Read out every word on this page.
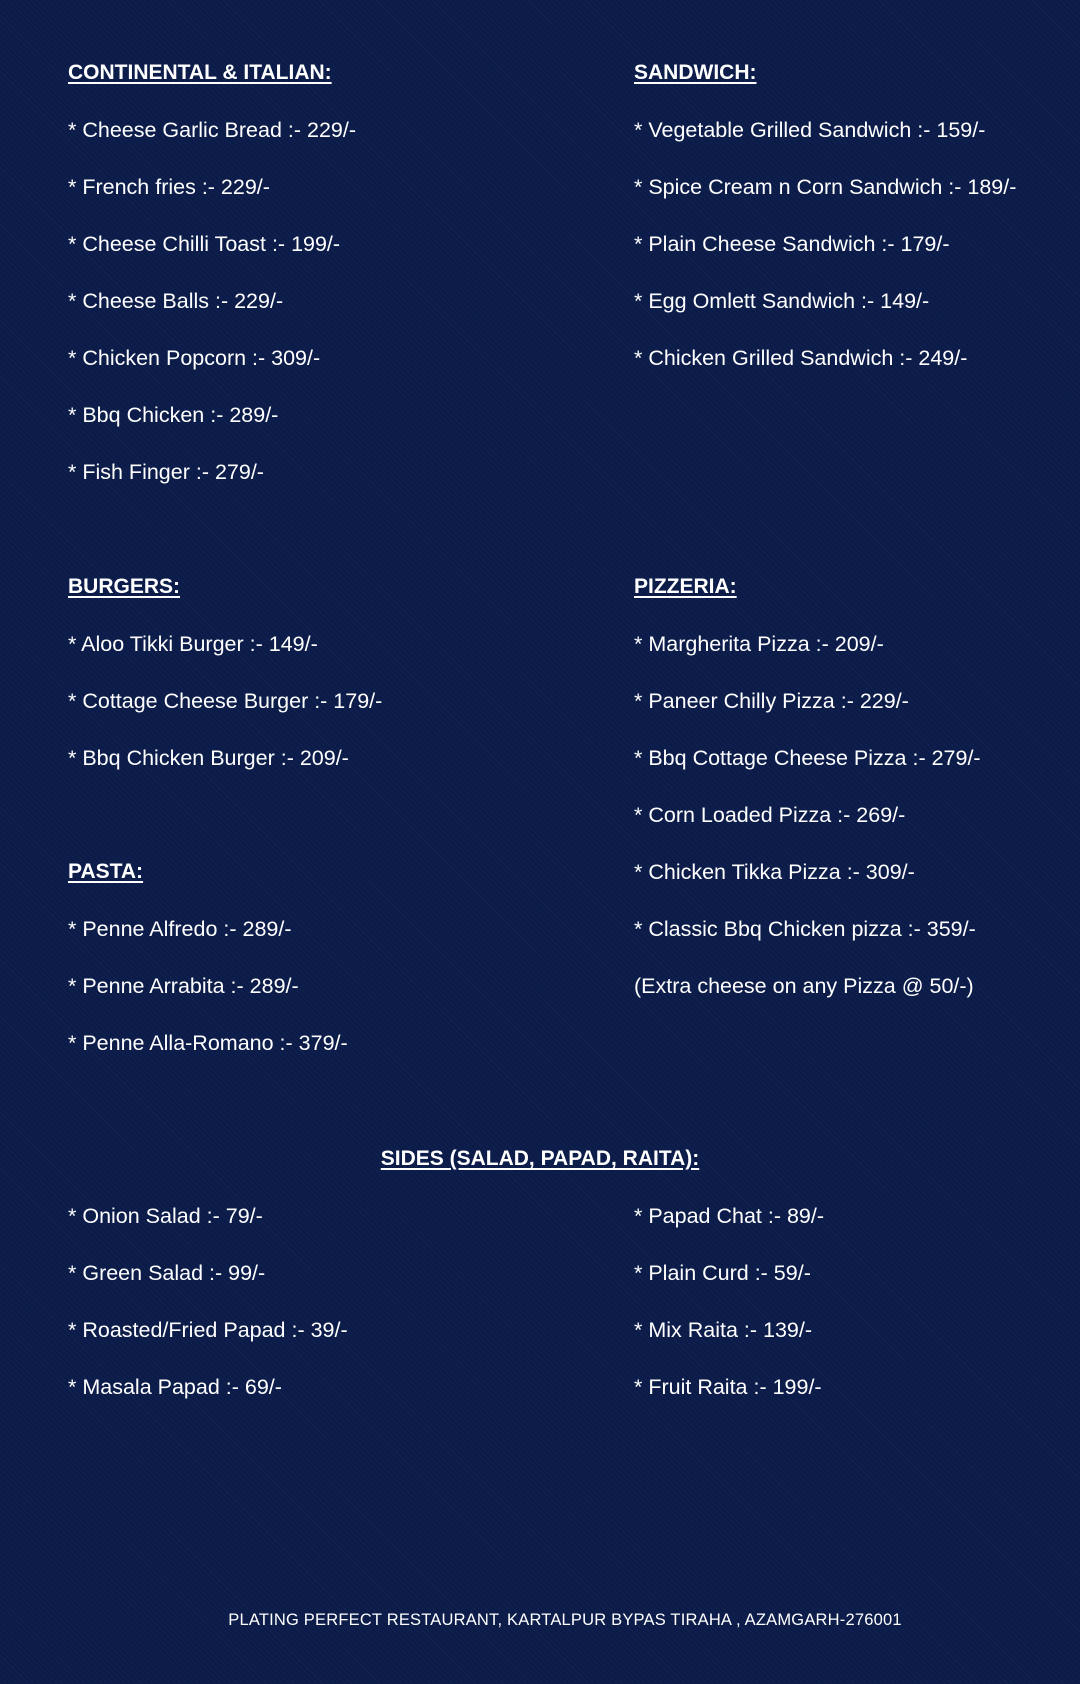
CONTINENTAL & ITALIAN:
* Cheese Garlic Bread :- 229/-
* French fries :- 229/-
* Cheese Chilli Toast :- 199/-
* Cheese Balls :- 229/-
* Chicken Popcorn :- 309/-
* Bbq Chicken :- 289/-
* Fish Finger :- 279/-
SANDWICH:
* Vegetable Grilled Sandwich :- 159/-
* Spice Cream n Corn Sandwich :- 189/-
* Plain Cheese Sandwich :- 179/-
* Egg Omlett Sandwich :- 149/-
* Chicken Grilled Sandwich :- 249/-
BURGERS:
* Aloo Tikki Burger :- 149/-
* Cottage Cheese Burger :- 179/-
* Bbq Chicken Burger :- 209/-
PIZZERIA:
* Margherita Pizza :- 209/-
* Paneer Chilly Pizza :- 229/-
* Bbq Cottage Cheese Pizza :- 279/-
* Corn Loaded Pizza :- 269/-
* Chicken Tikka Pizza :- 309/-
* Classic Bbq Chicken pizza :- 359/-
(Extra cheese on any Pizza @ 50/-)
PASTA:
* Penne Alfredo :- 289/-
* Penne Arrabita :- 289/-
* Penne Alla-Romano :- 379/-
SIDES (SALAD, PAPAD, RAITA):
* Onion Salad :- 79/-
* Green Salad :- 99/-
* Roasted/Fried Papad :- 39/-
* Masala Papad :- 69/-
* Papad Chat :- 89/-
* Plain Curd :- 59/-
* Mix Raita :- 139/-
* Fruit Raita :- 199/-
PLATING PERFECT RESTAURANT, KARTALPUR BYPAS TIRAHA , AZAMGARH-276001
